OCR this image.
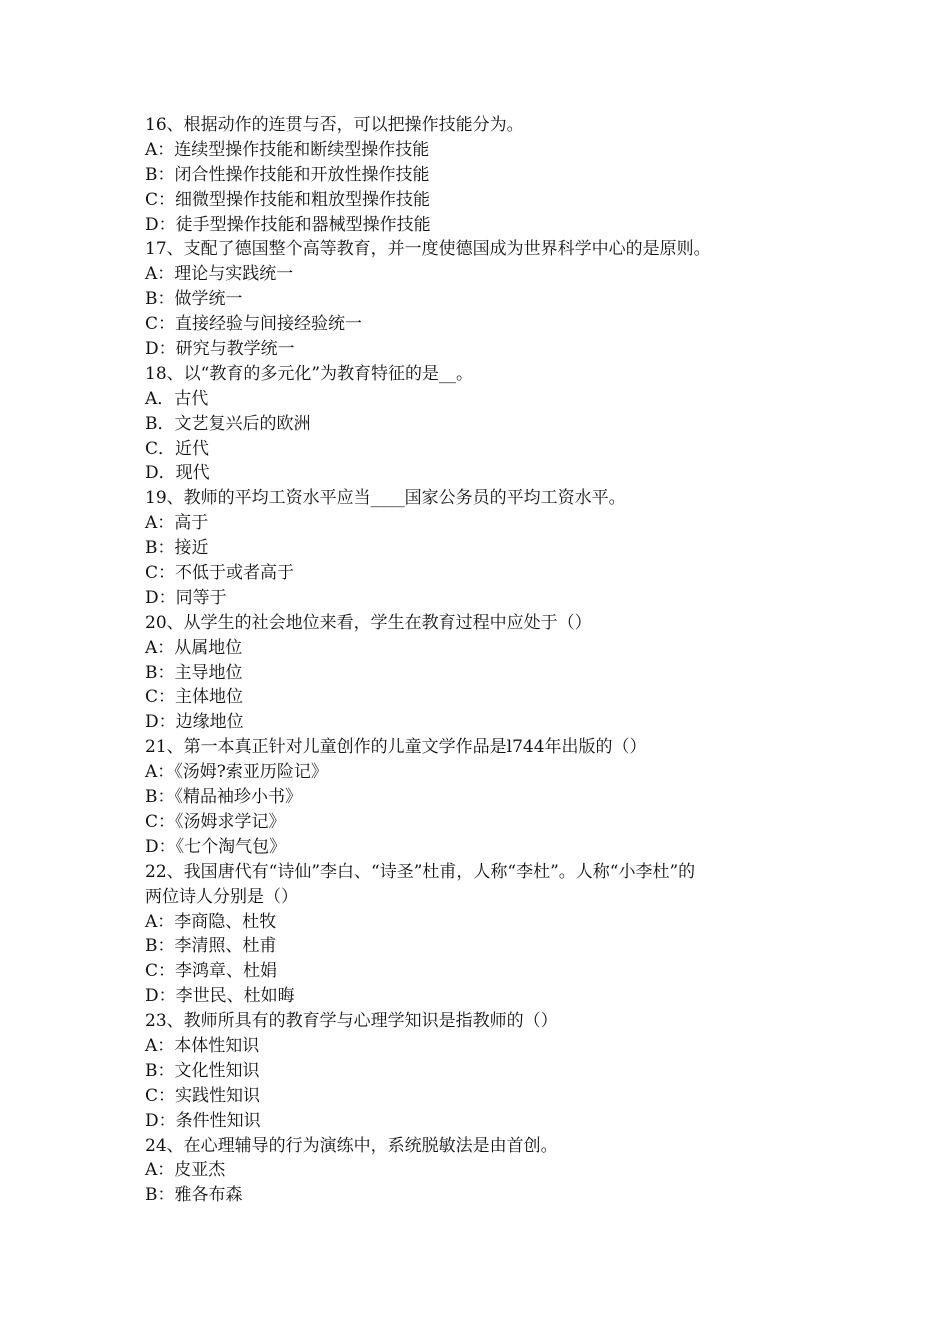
16、根据动作的连贯与否，可以把操作技能分为。
A：连续型操作技能和断续型操作技能
B：闭合性操作技能和开放性操作技能
C：细微型操作技能和粗放型操作技能
D：徒手型操作技能和器械型操作技能
17、支配了德国整个高等教育，并一度使德国成为世界科学中心的是原则。
A：理论与实践统一
B：做学统一
C：直接经验与间接经验统一
D：研究与教学统一
18、以“教育的多元化”为教育特征的是__。
A．古代
B．文艺复兴后的欧洲
C．近代
D．现代
19、教师的平均工资水平应当____国家公务员的平均工资水平。
A：高于
B：接近
C：不低于或者高于
D：同等于
20、从学生的社会地位来看，学生在教育过程中应处于（）
A：从属地位
B：主导地位
C：主体地位
D：边缘地位
21、第一本真正针对儿童创作的儿童文学作品是l744年出版的（）
A：《汤姆?索亚历险记》
B：《精品袖珍小书》
C：《汤姆求学记》
D：《七个淘气包》
22、我国唐代有“诗仙”李白、“诗圣”杜甫，人称“李杜”。人称“小李杜”的
两位诗人分别是（）
A：李商隐、杜牧
B：李清照、杜甫
C：李鸿章、杜娟
D：李世民、杜如晦
23、教师所具有的教育学与心理学知识是指教师的（）
A：本体性知识
B：文化性知识
C：实践性知识
D：条件性知识
24、在心理辅导的行为演练中，系统脱敏法是由首创。
A：皮亚杰
B：雅各布森
